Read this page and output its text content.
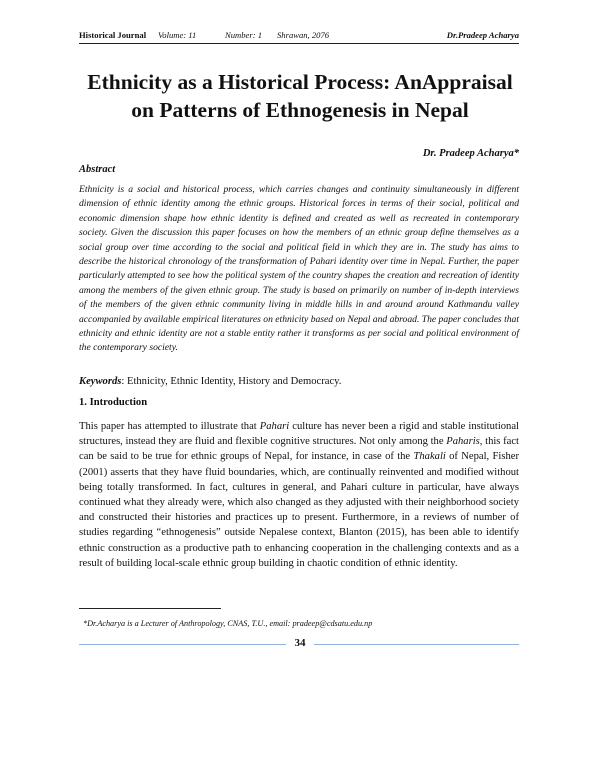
Historical Journal Volume: 11	Number: 1 Shrawan, 2076	Dr.Pradeep Acharya
Ethnicity as a Historical Process: AnAppraisal
on Patterns of Ethnogenesis in Nepal
Dr. Pradeep Acharya*
Abstract

Ethnicity is a social and historical process, which carries changes and continuity simultaneously in different dimension of ethnic identity among the ethnic groups. Historical forces in terms of their social, political and economic dimension shape how ethnic identity is defined and created as well as recreated in contemporary society. Given the discussion this paper focuses on how the members of an ethnic group define themselves as a social group over time according to the social and political field in which they are in. The study has aims to describe the historical chronology of the transformation of Pahari identity over time in Nepal. Further, the paper particularly attempted to see how the political system of the country shapes the creation and recreation of identity among the members of the given ethnic group. The study is based on primarily on number of in-depth interviews of the members of the given ethnic community living in middle hills in and around around Kathmandu valley accompanied by available empirical literatures on ethnicity based on Nepal and abroad. The paper concludes that ethnicity and ethnic identity are not a stable entity rather it transforms as per social and political environment of the contemporary society.

Keywords: Ethnicity, Ethnic Identity, History and Democracy.
1. Introduction

This paper has attempted to illustrate that Pahari culture has never been a rigid and stable institutional structures, instead they are fluid and flexible cognitive structures. Not only among the Paharis, this fact can be said to be true for ethnic groups of Nepal, for instance, in case of the Thakali of Nepal, Fisher (2001) asserts that they have fluid boundaries, which, are continually reinvented and modified without being totally transformed. In fact, cultures in general, and Pahari culture in particular, have always continued what they already were, which also changed as they adjusted with their neighborhood society and constructed their histories and practices up to present. Furthermore, in a reviews of number of studies regarding “ethnogenesis” outside Nepalese context, Blanton (2015), has been able to identify ethnic construction as a productive path to enhancing cooperation in the challenging contexts and as a result of building local-scale ethnic group building in chaotic condition of ethnic identity.

*Dr.Acharya is a Lecturer of Anthropology, CNAS, T.U., email: pradeep@cdsatu.edu.np
34
